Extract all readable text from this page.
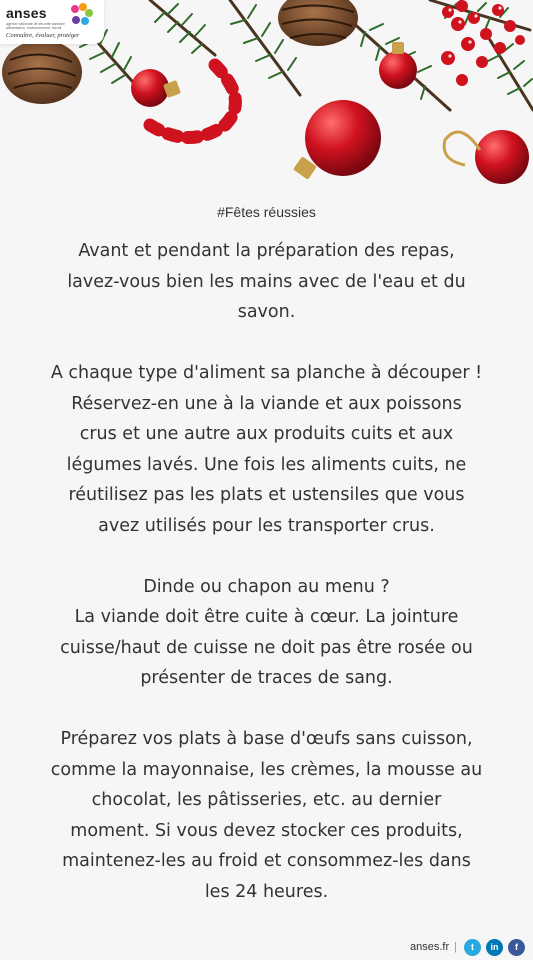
anses
agence nationale de sécurité sanitaire alimentation, environnement, travail
Connaître, évaluer, protéger
#Fêtes réussies

Avant et pendant la préparation des repas,
lavez-vous bien les mains avec de l'eau et du
savon.

A chaque type d'aliment sa planche à découper !
Réservez-en une à la viande et aux poissons
crus et une autre aux produits cuits et aux
légumes lavés. Une fois les aliments cuits, ne
réutilisez pas les plats et ustensiles que vous
avez utilisés pour les transporter crus.

Dinde ou chapon au menu ?
La viande doit être cuite à cœur. La jointure
cuisse/haut de cuisse ne doit pas être rosée ou
présenter de traces de sang.

Préparez vos plats à base d'œufs sans cuisson,
comme la mayonnaise, les crèmes, la mousse au
chocolat, les pâtisseries, etc. au dernier
moment. Si vous devez stocker ces produits,
maintenez-les au froid et consommez-les dans
les 24 heures.

anses.fr |	t	in	f
